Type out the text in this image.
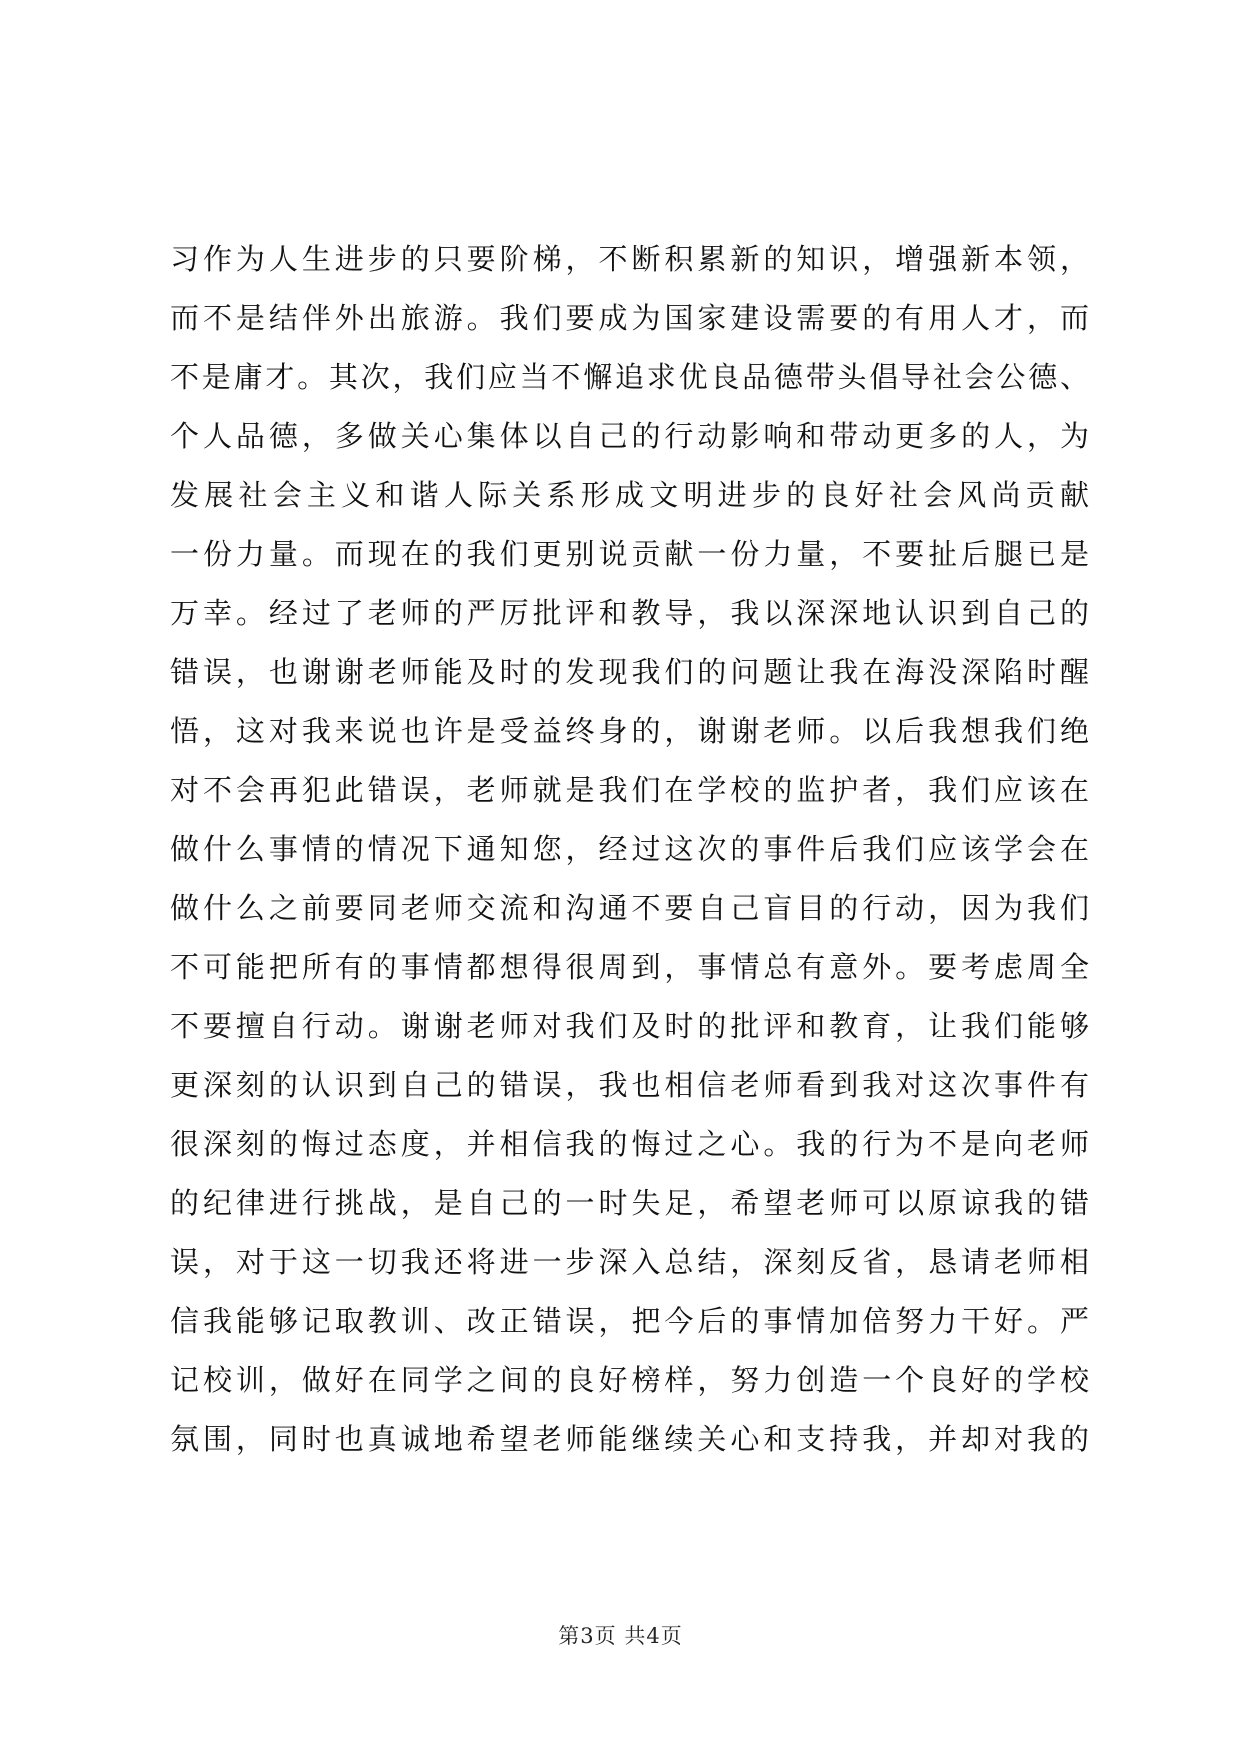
习作为人生进步的只要阶梯，不断积累新的知识，增强新本领，
而不是结伴外出旅游。我们要成为国家建设需要的有用人才，而
不是庸才。其次，我们应当不懈追求优良品德带头倡导社会公德、
个人品德，多做关心集体以自己的行动影响和带动更多的人，为
发展社会主义和谐人际关系形成文明进步的良好社会风尚贡献
一份力量。而现在的我们更别说贡献一份力量，不要扯后腿已是
万幸。经过了老师的严厉批评和教导，我以深深地认识到自己的
错误，也谢谢老师能及时的发现我们的问题让我在海没深陷时醒
悟，这对我来说也许是受益终身的，谢谢老师。以后我想我们绝
对不会再犯此错误，老师就是我们在学校的监护者，我们应该在
做什么事情的情况下通知您，经过这次的事件后我们应该学会在
做什么之前要同老师交流和沟通不要自己盲目的行动，因为我们
不可能把所有的事情都想得很周到，事情总有意外。要考虑周全
不要擅自行动。谢谢老师对我们及时的批评和教育，让我们能够
更深刻的认识到自己的错误，我也相信老师看到我对这次事件有
很深刻的悔过态度，并相信我的悔过之心。我的行为不是向老师
的纪律进行挑战，是自己的一时失足，希望老师可以原谅我的错
误，对于这一切我还将进一步深入总结，深刻反省，恳请老师相
信我能够记取教训、改正错误，把今后的事情加倍努力干好。严
记校训，做好在同学之间的良好榜样，努力创造一个良好的学校
氛围，同时也真诚地希望老师能继续关心和支持我，并却对我的
第3页 共4页
